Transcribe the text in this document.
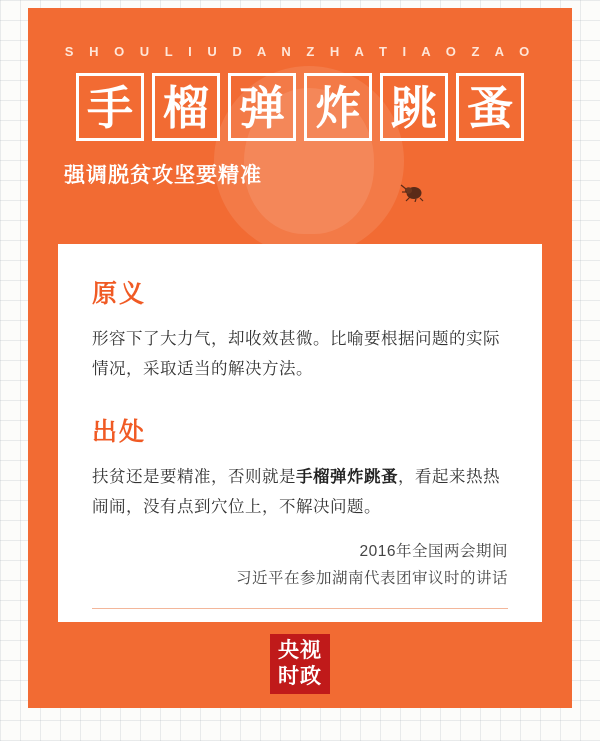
S H O U L I U D A N Z H A T I A O Z A O
手 榴 弹 炸 跳 蚤
强调脱贫攻坚要精准
原义

形容下了大力气，却收效甚微。比喻要根据问题的实际情况，采取适当的解决方法。

出处

扶贫还是要精准，否则就是手榴弹炸跳蚤，看起来热热闹闹，没有点到穴位上，不解决问题。

2016年全国两会期间
习近平在参加湖南代表团审议时的讲话
央视
时政
